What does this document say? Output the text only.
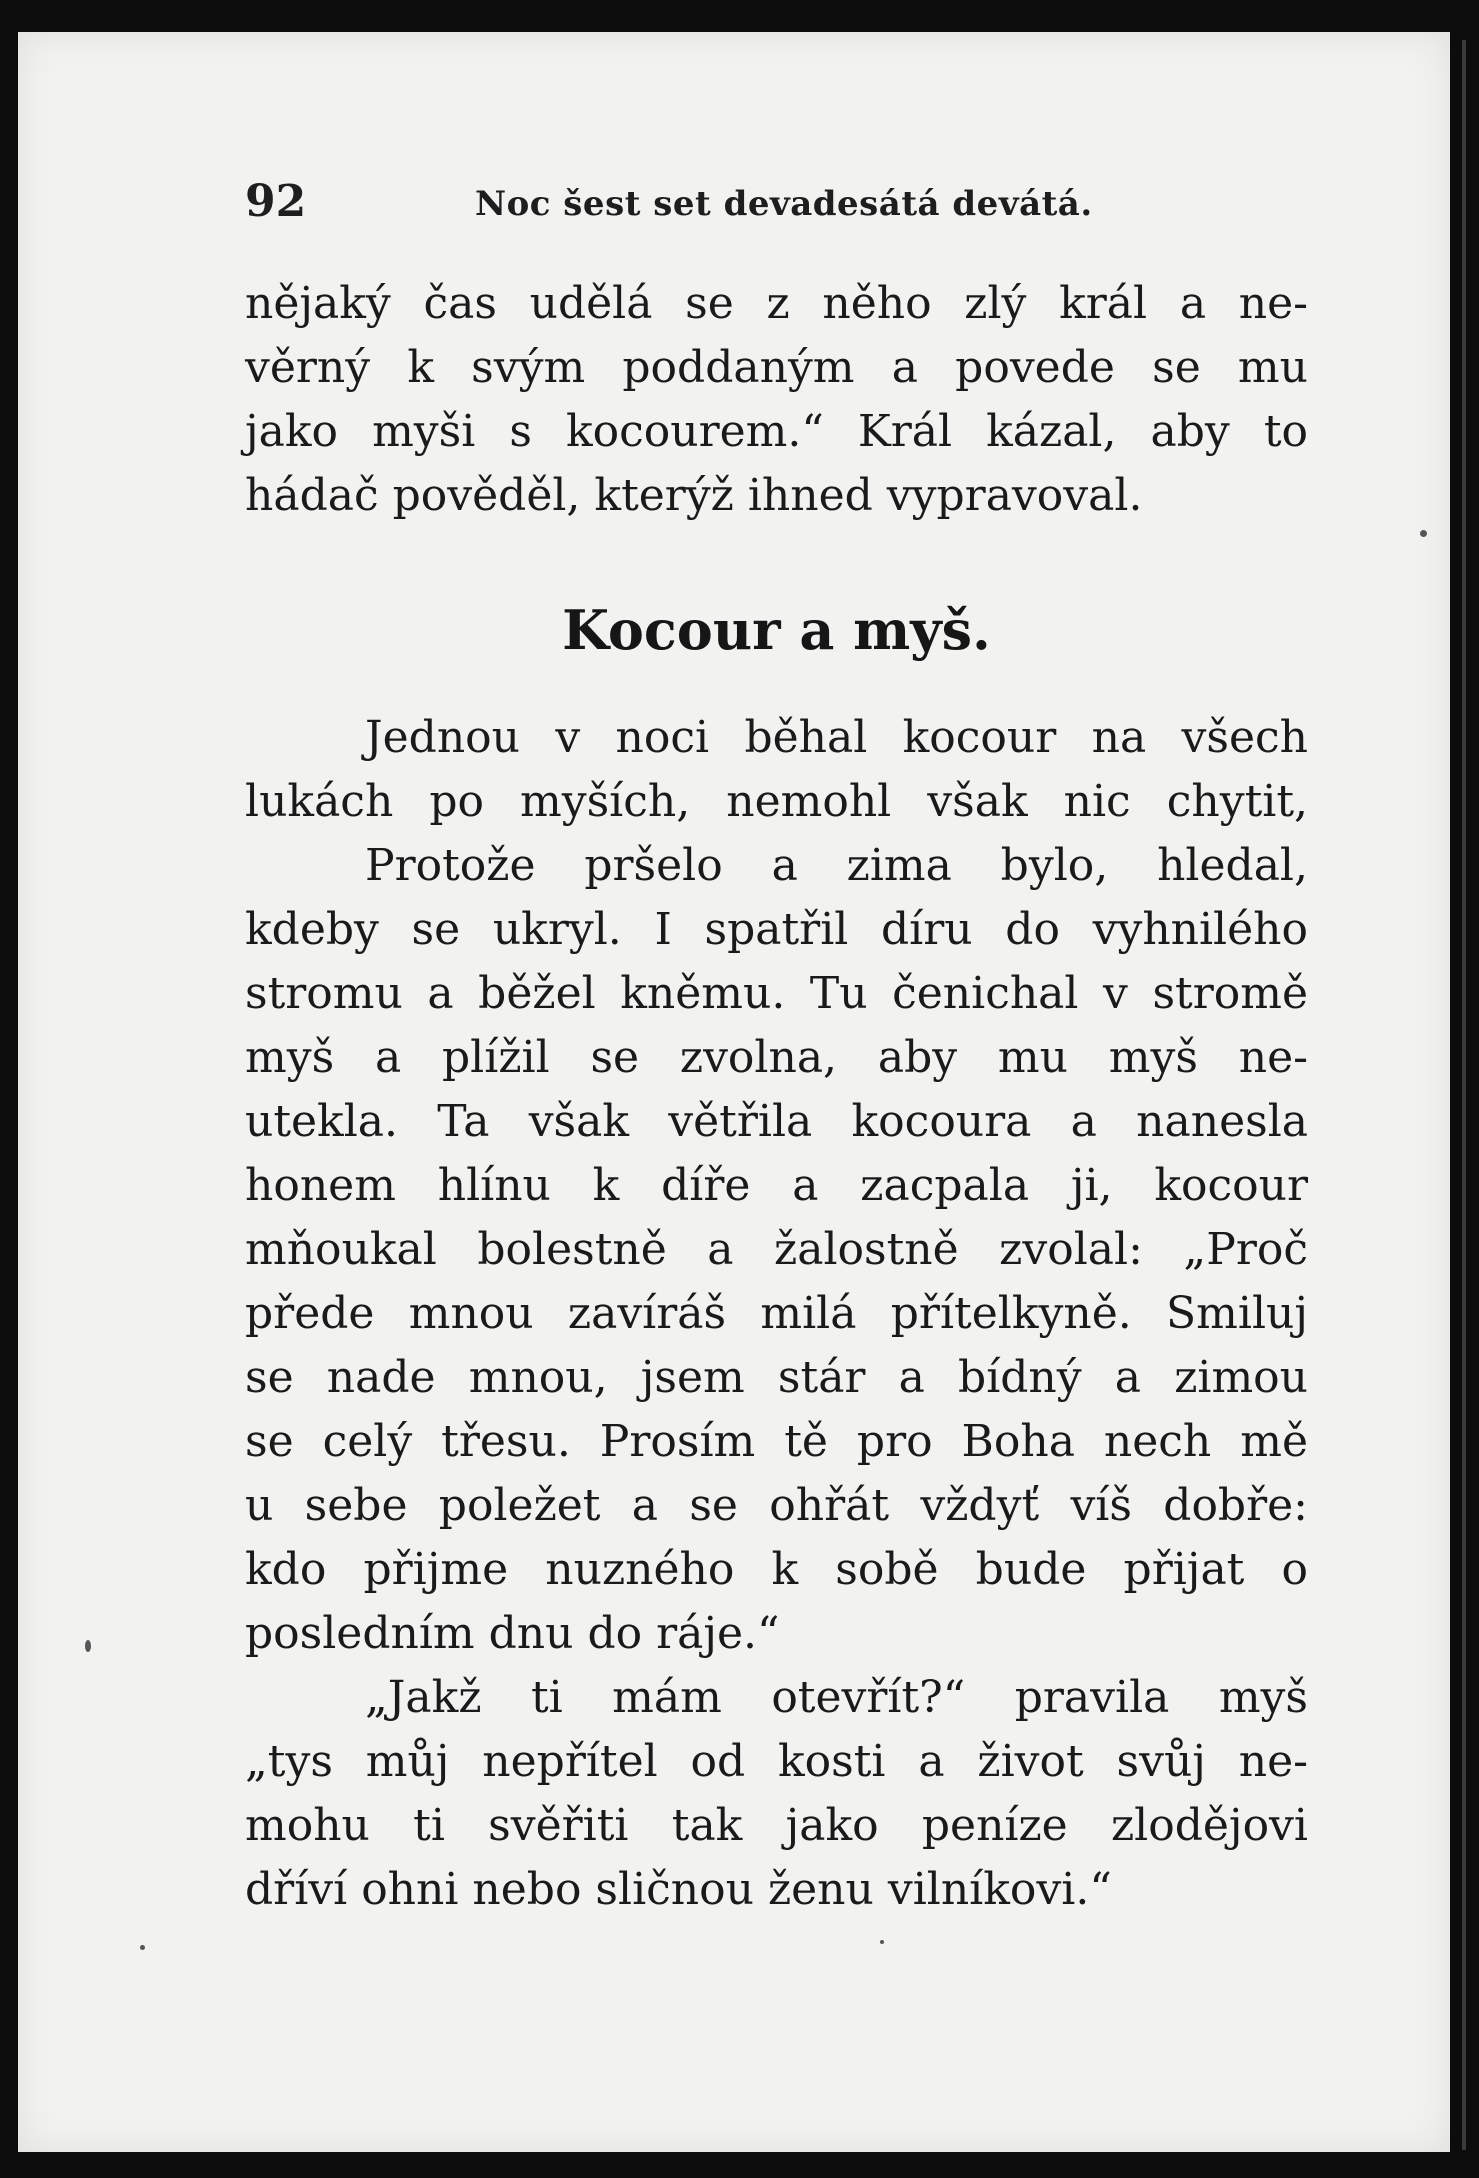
92	Noc šest set devadesátá devátá.
nějaký čas udělá se z něho zlý král a ne-
věrný k svým poddaným a povede se mu
jako myši s kocourem.“ Král kázal, aby to
hádač pověděl, kterýž ihned vypravoval.
Kocour a myš.
Jednou v noci běhal kocour na všech
lukách po myších, nemohl však nic chytit,
Protože pršelo a zima bylo, hledal,
kdeby se ukryl. I spatřil díru do vyhnilého
stromu a běžel kněmu. Tu čenichal v stromě
myš a plížil se zvolna, aby mu myš ne-
utekla. Ta však větřila kocoura a nanesla
honem hlínu k díře a zacpala ji, kocour
mňoukal bolestně a žalostně zvolal: „Proč
přede mnou zavíráš milá přítelkyně. Smiluj
se nade mnou, jsem stár a bídný a zimou
se celý třesu. Prosím tě pro Boha nech mě
u sebe poležet a se ohřát vždyť víš dobře:
kdo přijme nuzného k sobě bude přijat o
posledním dnu do ráje.“
„Jakž ti mám otevřít?“ pravila myš
„tys můj nepřítel od kosti a život svůj ne-
mohu ti svěřiti tak jako peníze zlodějovi
dříví ohni nebo sličnou ženu vilníkovi.“
